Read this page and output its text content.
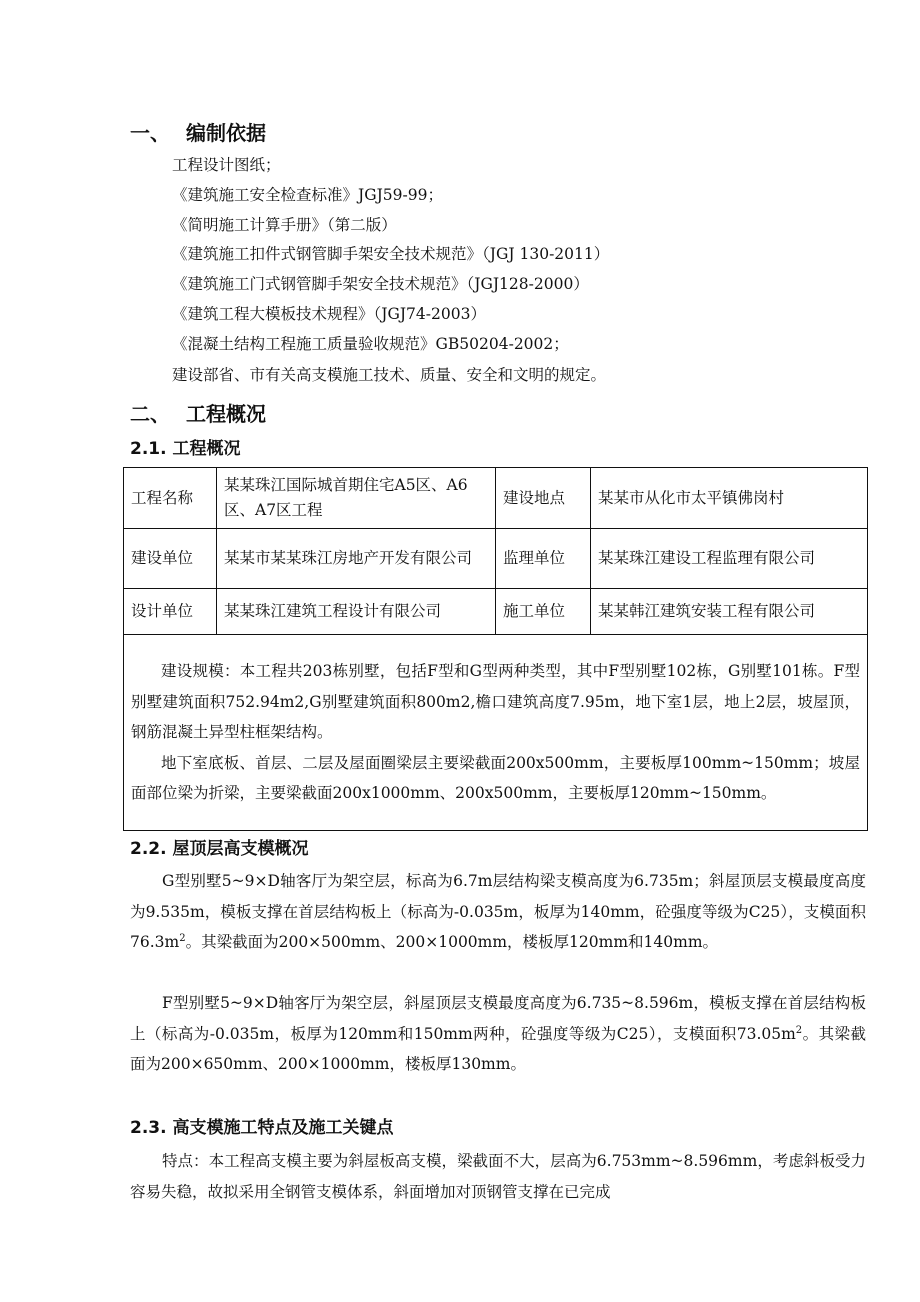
一、 编制依据
工程设计图纸；
《建筑施工安全检查标准》JGJ59-99；
《简明施工计算手册》（第二版）
《建筑施工扣件式钢管脚手架安全技术规范》（JGJ 130-2011）
《建筑施工门式钢管脚手架安全技术规范》（JGJ128-2000）
《建筑工程大模板技术规程》（JGJ74-2003）
《混凝土结构工程施工质量验收规范》GB50204-2002；
建设部省、市有关高支模施工技术、质量、安全和文明的规定。
二、 工程概况
2.1. 工程概况
工程名称	某某珠江国际城首期住宅A5区、A6区、A7区工程	建设地点	某某市从化市太平镇佛岗村
建设单位	某某市某某珠江房地产开发有限公司	监理单位	某某珠江建设工程监理有限公司
设计单位	某某珠江建筑工程设计有限公司	施工单位	某某韩江建筑安装工程有限公司

建设规模：本工程共203栋别墅，包括F型和G型两种类型，其中F型别墅102栋，G别墅101栋。F型别墅建筑面积752.94m2,G别墅建筑面积800m2,檐口建筑高度7.95m，地下室1层，地上2层，坡屋顶，钢筋混凝土异型柱框架结构。

地下室底板、首层、二层及屋面圈梁层主要梁截面200x500mm，主要板厚100mm~150mm；坡屋面部位梁为折梁，主要梁截面200x1000mm、200x500mm，主要板厚120mm~150mm。			

2.2. 屋顶层高支模概况

G型别墅5~9×D轴客厅为架空层，标高为6.7m层结构梁支模高度为6.735m；斜屋顶层支模最度高度为9.535m，模板支撑在首层结构板上（标高为-0.035m，板厚为140mm，砼强度等级为C25），支模面积$76.3m^2$。其梁截面为200×500mm、200×1000mm，楼板厚120mm和140mm。

F型别墅5~9×D轴客厅为架空层，斜屋顶层支模最度高度为6.735~8.596m，模板支撑在首层结构板上（标高为-0.035m，板厚为120mm和150mm两种，砼强度等级为C25），支模面积$73.05m^2$。其梁截面为200×650mm、200×1000mm，楼板厚130mm。

2.3. 高支模施工特点及施工关键点

特点：本工程高支模主要为斜屋板高支模，梁截面不大，层高为6.753mm~8.596mm，考虑斜板受力容易失稳，故拟采用全钢管支模体系，斜面增加对顶钢管支撑在已完成
